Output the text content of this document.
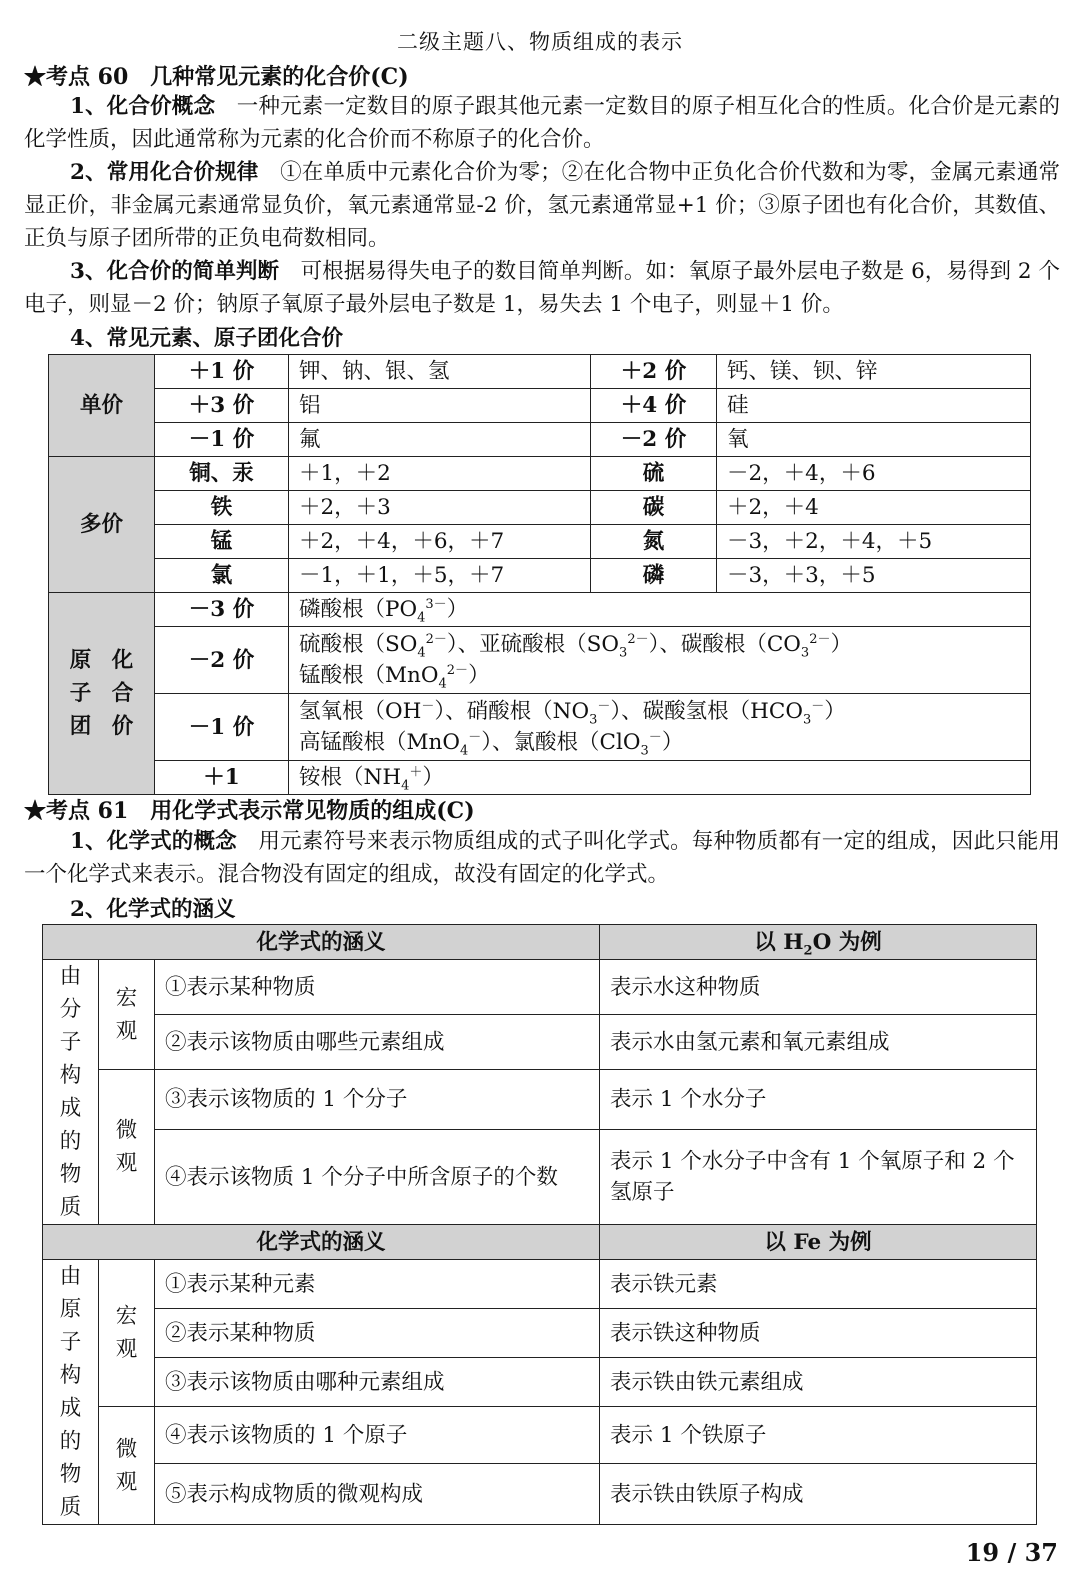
二级主题八、物质组成的表示
★考点 60　几种常见元素的化合价(C)
1、化合价概念　一种元素一定数目的原子跟其他元素一定数目的原子相互化合的性质。化合价是元素的化学性质，因此通常称为元素的化合价而不称原子的化合价。
2、常用化合价规律　①在单质中元素化合价为零；②在化合物中正负化合价代数和为零，金属元素通常显正价，非金属元素通常显负价，氧元素通常显-2 价，氢元素通常显+1 价；③原子团也有化合价，其数值、正负与原子团所带的正负电荷数相同。
3、化合价的简单判断　可根据易得失电子的数目简单判断。如：氧原子最外层电子数是 6，易得到 2 个电子，则显－2 价；钠原子氧原子最外层电子数是 1，易失去 1 个电子，则显＋1 价。
4、常见元素、原子团化合价
单价	＋1 价	钾、钠、银、氢	＋2 价	钙、镁、钡、锌
	＋3 价	铝	＋4 价	硅
	－1 价	氟	－2 价	氧
多价	铜、汞	＋1，＋2	硫	－2，＋4，＋6
	铁	＋2，＋3	碳	＋2，＋4
	锰	＋2，＋4，＋6，＋7	氮	－3，＋2，＋4，＋5
	氯	－1，＋1，＋5，＋7	磷	－3，＋3，＋5

原子团
化合价	－3 价	磷酸根$(PO_4^{3-})$		
	－2 价	硫酸根$(SO_4^{2-})$、亚硫酸根$(SO_3^{2-})$、碳酸根$(CO_3^{2-})$
锰酸根（MnO$_4^{2-}$）		

	－1 价	氢氧根（OH－）、硝酸根$(NO_3^-)$、碳酸氢根$(HCO_3^-)$
高锰酸根（MnO$_4$－）、氯酸根（ClO$_3$－）		

	＋1	铵根$(NH_4^+)$		
★考点 61　用化学式表示常见物质的组成(C)
1、化学式的概念　用元素符号来表示物质组成的式子叫化学式。每种物质都有一定的组成，因此只能用一个化学式来表示。混合物没有固定的组成，故没有固定的化学式。
2、化学式的涵义
化学式的涵义			以 $H_2O$ 为例
由分子构成的物质	宏观	①表示某种物质	表示水这种物质
		②表示该物质由哪些元素组成	表示水由氢元素和氧元素组成
	微观	③表示该物质的 1 个分子	表示 1 个水分子
		④表示该物质 1 个分子中所含原子的个数	表示 1 个水分子中含有 1 个氧原子和 2 个氢原子
化学式的涵义			以 Fe 为例
由原子构成的物质	宏观	①表示某种元素	表示铁元素
		②表示某种物质	表示铁这种物质
		③表示该物质由哪种元素组成	表示铁由铁元素组成
	微观	④表示该物质的 1 个原子	表示 1 个铁原子
		⑤表示构成物质的微观构成	表示铁由铁原子构成
19 / 37
